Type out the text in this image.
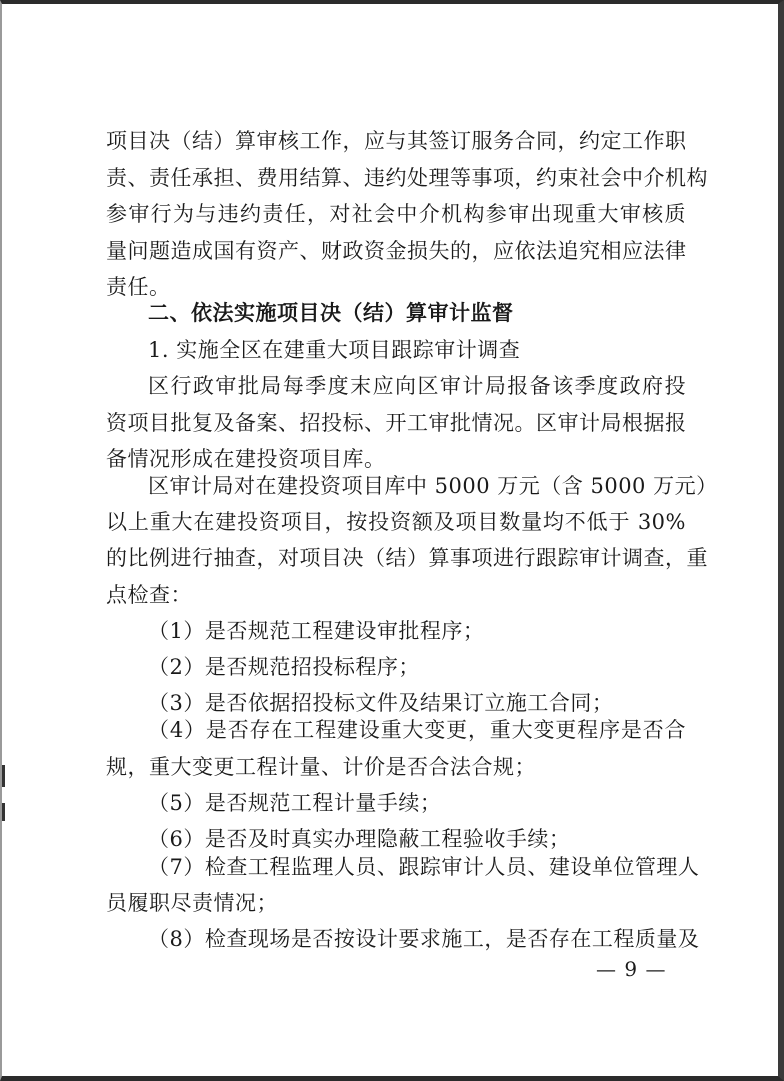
项目决（结）算审核工作，应与其签订服务合同，约定工作职
责、责任承担、费用结算、违约处理等事项，约束社会中介机构
参审行为与违约责任，对社会中介机构参审出现重大审核质
量问题造成国有资产、财政资金损失的，应依法追究相应法律
责任。
二、依法实施项目决（结）算审计监督
1. 实施全区在建重大项目跟踪审计调查
区行政审批局每季度末应向区审计局报备该季度政府投
资项目批复及备案、招投标、开工审批情况。区审计局根据报
备情况形成在建投资项目库。
区审计局对在建投资项目库中 5000 万元（含 5000 万元）
以上重大在建投资项目，按投资额及项目数量均不低于 30%
的比例进行抽查，对项目决（结）算事项进行跟踪审计调查，重
点检查：
（1）是否规范工程建设审批程序；
（2）是否规范招投标程序；
（3）是否依据招投标文件及结果订立施工合同；
（4）是否存在工程建设重大变更，重大变更程序是否合
规，重大变更工程计量、计价是否合法合规；
（5）是否规范工程计量手续；
（6）是否及时真实办理隐蔽工程验收手续；
（7）检查工程监理人员、跟踪审计人员、建设单位管理人
员履职尽责情况；
（8）检查现场是否按设计要求施工，是否存在工程质量及
— 9 —
